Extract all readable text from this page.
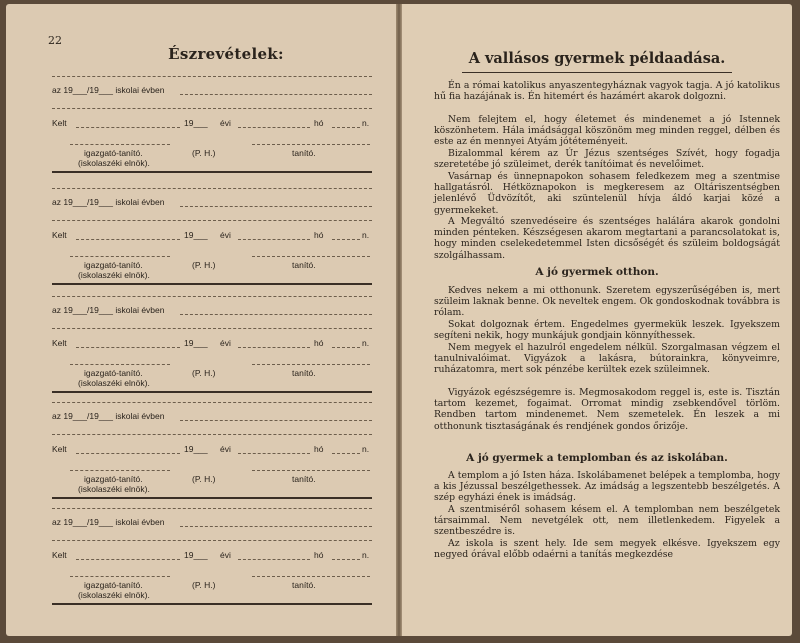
22
Észrevételek:
az 19___/19___ iskolai évben
Kelt	19___ évi	hó	n.
igazgató-tanító.	(P. H.)	tanító.
(iskolaszéki elnök).
az 19___/19___ iskolai évben
Kelt	19___ évi	hó	n.
igazgató-tanító.	(P. H.)	tanító.
(iskolaszéki elnök).
az 19___/19___ iskolai évben
Kelt	19___ évi	hó	n.
igazgató-tanító.	(P. H.)	tanító.
(iskolaszéki elnök).
az 19___/19___ iskolai évben
Kelt	19___ évi	hó	n.
igazgató-tanító.	(P. H.)	tanító.
(iskolaszéki elnök).
az 19___/19___ iskolai évben
Kelt	19___ évi	hó	n.
igazgató-tanító.	(P. H.)	tanító.
(iskolaszéki elnök).
A vallásos gyermek példaadása.
Én a római katolikus anyaszentegyháznak vagyok tagja. A jó katolikus hű fia hazájának is. Én hitemért és hazámért akarok dolgozni.
Nem felejtem el, hogy életemet és mindenemet a jó Istennek köszönhetem. Hála imádsággal köszönöm meg minden reggel, délben és este az én mennyei Atyám jótéteményeit.
Bizalommal kérem az Úr Jézus szentséges Szívét, hogy fogadja szeretetébe jó szüleimet, derék tanítóimat és nevelőimet.
Vasárnap és ünnepnapokon sohasem feledkezem meg a szentmise hallgatásról. Hétköznapokon is megkeresem az Oltáriszentségben jelenlévő Üdvözítőt, aki szüntelenül hívja áldó karjai közé a gyermekeket.
A Megváltó szenvedéseire és szentséges halálára akarok gondolni minden pénteken. Készségesen akarom megtartani a parancsolatokat is, hogy minden cselekedetemmel Isten dicsőségét és szüleim boldogságát szolgálhassam.
A jó gyermek otthon.
Kedves nekem a mi otthonunk. Szeretem egyszerűségében is, mert szüleim laknak benne. Ok neveltek engem. Ok gondoskodnak továbbra is rólam.
Sokat dolgoznak értem. Engedelmes gyermekük leszek. Igyekszem segíteni nekik, hogy munkájuk gondjain könnyíthessek.
Nem megyek el hazulról engedelem nélkül. Szorgalmasan végzem el tanulnivalóimat. Vigyázok a lakásra, bútorainkra, könyveimre, ruházatomra, mert sok pénzébe kerültek ezek szüleimnek.
Vigyázok egészségemre is. Megmosakodom reggel is, este is. Tisztán tartom kezemet, fogaimat. Orromat mindig zsebkendővel törlöm. Rendben tartom mindenemet. Nem szemetelek. Én leszek a mi otthonunk tisztaságának és rendjének gondos őrizője.
A jó gyermek a templomban és az iskolában.
A templom a jó Isten háza. Iskolábamenet belépek a templomba, hogy a kis Jézussal beszélgethessek. Az imádság a legszentebb beszélgetés. A szép egyházi ének is imádság.
A szentmiséről sohasem késem el. A templomban nem beszélgetek társaimmal. Nem nevetgélek ott, nem illetlenkedem. Figyelek a szentbeszédre is.
Az iskola is szent hely. Ide sem megyek elkésve. Igyekszem egy negyed órával előbb odaérni a tanítás megkezdése
